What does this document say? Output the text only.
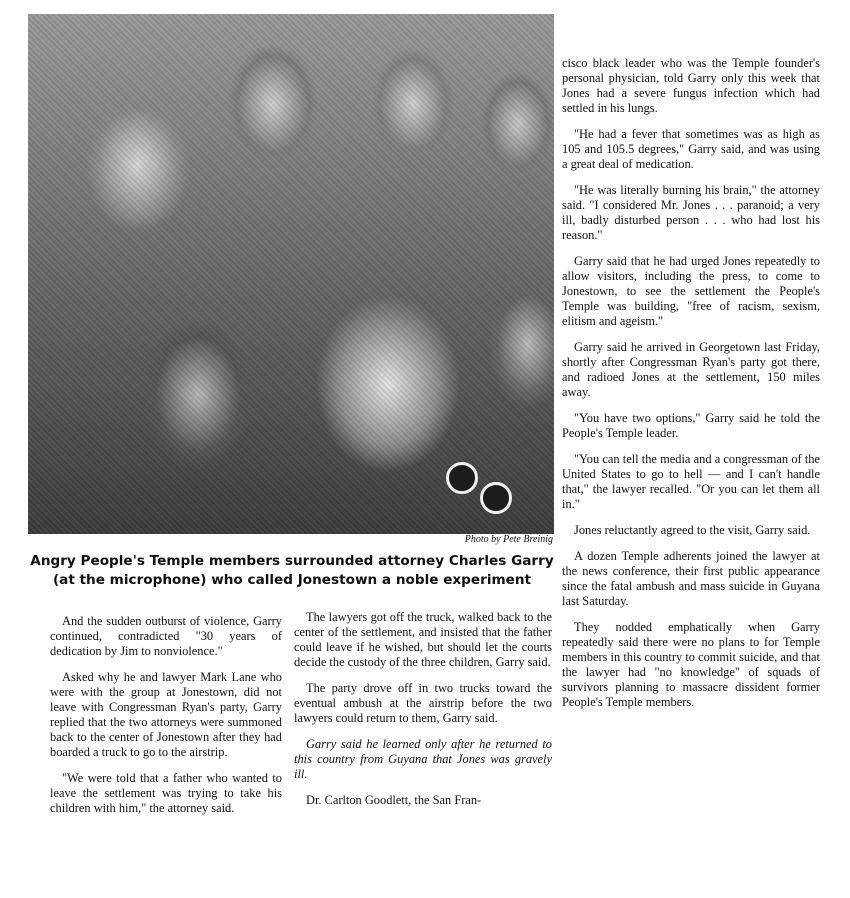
Photo by Pete Breinig
Angry People's Temple members surrounded attorney Charles Garry (at the microphone) who called Jonestown a noble experiment

And the sudden outburst of violence, Garry continued, contradicted "30 years of dedication by Jim to nonviolence."

Asked why he and lawyer Mark Lane who were with the group at Jonestown, did not leave with Congressman Ryan's party, Garry replied that the two attorneys were summoned back to the center of Jonestown after they had boarded a truck to go to the airstrip.

"We were told that a father who wanted to leave the settlement was trying to take his children with him," the attorney said.

The lawyers got off the truck, walked back to the center of the settlement, and insisted that the father could leave if he wished, but should let the courts decide the custody of the three children, Garry said.

The party drove off in two trucks toward the eventual ambush at the airstrip before the two lawyers could return to them, Garry said.

Garry said he learned only after he returned to this country from Guyana that Jones was gravely ill.

Dr. Carlton Goodlett, the San Fran-

cisco black leader who was the Temple founder's personal physician, told Garry only this week that Jones had a severe fungus infection which had settled in his lungs.

"He had a fever that sometimes was as high as 105 and 105.5 degrees," Garry said, and was using a great deal of medication.

"He was literally burning his brain," the attorney said. "I considered Mr. Jones . . . paranoid; a very ill, badly disturbed person . . . who had lost his reason."

Garry said that he had urged Jones repeatedly to allow visitors, including the press, to come to Jonestown, to see the settlement the People's Temple was building, "free of racism, sexism, elitism and ageism."

Garry said he arrived in Georgetown last Friday, shortly after Congressman Ryan's party got there, and radioed Jones at the settlement, 150 miles away.

"You have two options," Garry said he told the People's Temple leader.

"You can tell the media and a congressman of the United States to go to hell — and I can't handle that," the lawyer recalled. "Or you can let them all in."

Jones reluctantly agreed to the visit, Garry said.

A dozen Temple adherents joined the lawyer at the news conference, their first public appearance since the fatal ambush and mass suicide in Guyana last Saturday.

They nodded emphatically when Garry repeatedly said there were no plans to for Temple members in this country to commit suicide, and that the lawyer had "no knowledge" of squads of survivors planning to massacre dissident former People's Temple members.
